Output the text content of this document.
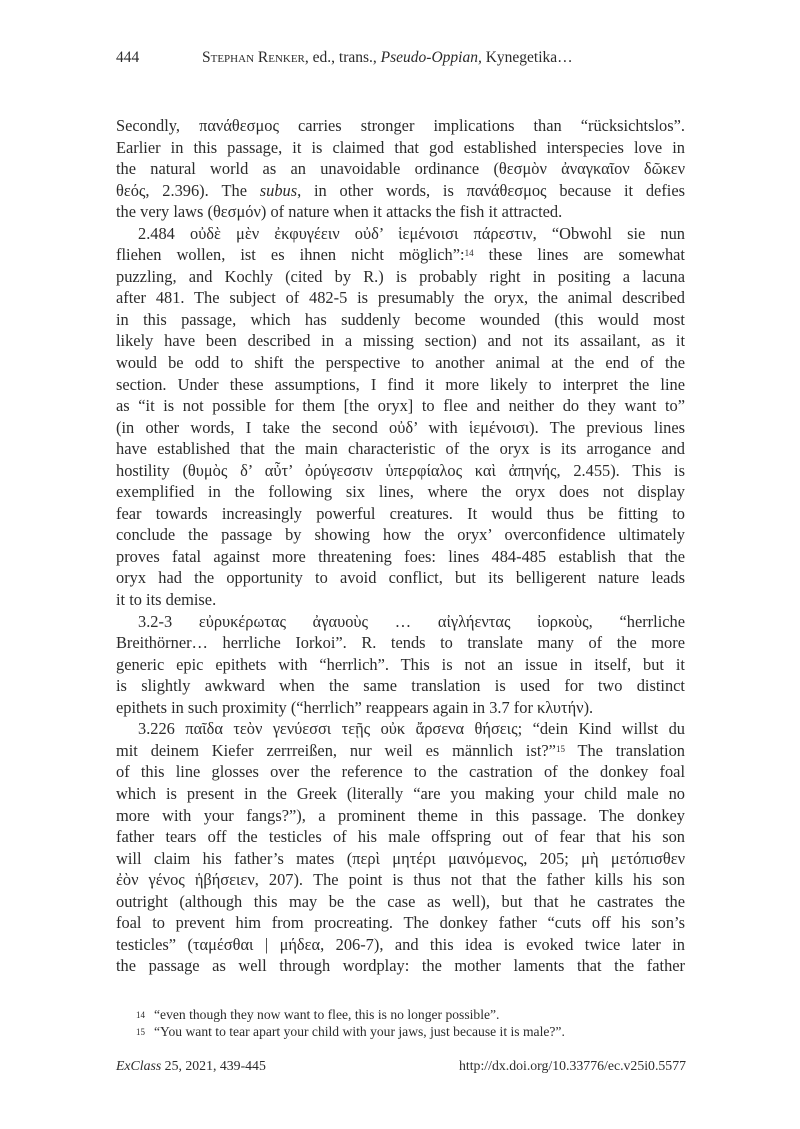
444	Stephan Renker, ed., trans., Pseudo-Oppian, Kynegetika…
Secondly, πανάθεσμος carries stronger implications than “rücksichtslos”.
Earlier in this passage, it is claimed that god established interspecies love in
the natural world as an unavoidable ordinance (θεσμὸν ἀναγκαῖον δῶκεν
θεός, 2.396). The subus, in other words, is πανάθεσμος because it defies
the very laws (θεσμόν) of nature when it attacks the fish it attracted.
2.484 οὐδὲ μὲν ἐκφυγέειν οὐδ’ ἱεμένοισι πάρεστιν, “Obwohl sie nun
fliehen wollen, ist es ihnen nicht möglich”:$^{14}$ these lines are somewhat
puzzling, and Kochly (cited by R.) is probably right in positing a lacuna
after 481. The subject of 482-5 is presumably the oryx, the animal described
in this passage, which has suddenly become wounded (this would most
likely have been described in a missing section) and not its assailant, as it
would be odd to shift the perspective to another animal at the end of the
section. Under these assumptions, I find it more likely to interpret the line
as “it is not possible for them [the oryx] to flee and neither do they want to”
(in other words, I take the second οὐδ’ with ἱεμένοισι). The previous lines
have established that the main characteristic of the oryx is its arrogance and
hostility (θυμὸς δ’ αὖτ’ ὀρύγεσσιν ὑπερφίαλος καὶ ἀπηνής, 2.455). This is
exemplified in the following six lines, where the oryx does not display
fear towards increasingly powerful creatures. It would thus be fitting to
conclude the passage by showing how the oryx’ overconfidence ultimately
proves fatal against more threatening foes: lines 484-485 establish that the
oryx had the opportunity to avoid conflict, but its belligerent nature leads
it to its demise.
3.2-3 εὐρυκέρωτας ἀγαυοὺς … αἰγλήεντας ἰορκοὺς, “herrliche
Breithörner… herrliche Iorkoi”. R. tends to translate many of the more
generic epic epithets with “herrlich”. This is not an issue in itself, but it
is slightly awkward when the same translation is used for two distinct
epithets in such proximity (“herrlich” reappears again in 3.7 for κλυτήν).
3.226 παῖδα τεὸν γενύεσσι τεῇς οὐκ ἄρσενα θήσεις; “dein Kind willst du
mit deinem Kiefer zerrreißen, nur weil es männlich ist?”$^{15}$ The translation
of this line glosses over the reference to the castration of the donkey foal
which is present in the Greek (literally “are you making your child male no
more with your fangs?”), a prominent theme in this passage. The donkey
father tears off the testicles of his male offspring out of fear that his son
will claim his father’s mates (περὶ μητέρι μαινόμενος, 205; μὴ μετόπισθεν
ἐὸν γένος ἡβήσειεν, 207). The point is thus not that the father kills his son
outright (although this may be the case as well), but that he castrates the
foal to prevent him from procreating. The donkey father “cuts off his son’s
testicles” (ταμέσθαι | μήδεα, 206-7), and this idea is evoked twice later in
the passage as well through wordplay: the mother laments that the father
14 “even though they now want to flee, this is no longer possible”.
15 “You want to tear apart your child with your jaws, just because it is male?”.
ExClass 25, 2021, 439-445	http://dx.doi.org/10.33776/ec.v25i0.5577
